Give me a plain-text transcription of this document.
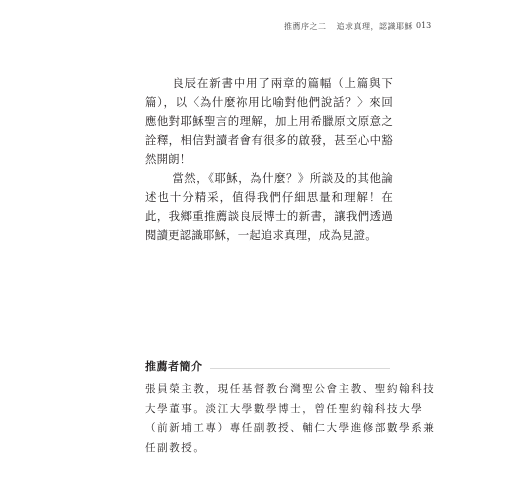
推薦序之二 追求真理，認識耶穌 013

良辰在新書中用了兩章的篇幅（上篇與下篇），以〈為什麼祢用比喻對他們說話？〉來回應他對耶穌聖言的理解，加上用希臘原文原意之詮釋，相信對讀者會有很多的啟發，甚至心中豁然開朗！

當然，《耶穌，為什麼？》所談及的其他論述也十分精采，值得我們仔細思量和理解！在此，我鄉重推薦談良辰博士的新書，讓我們透過閱讀更認識耶穌，一起追求真理，成為見證。

推薦者簡介
張員榮主教，現任基督教台灣聖公會主教、聖約翰科技
大學董事。淡江大學數學博士，曾任聖約翰科技大學
（前新埔工專）專任副教授、輔仁大學進修部數學系兼
任副教授。
